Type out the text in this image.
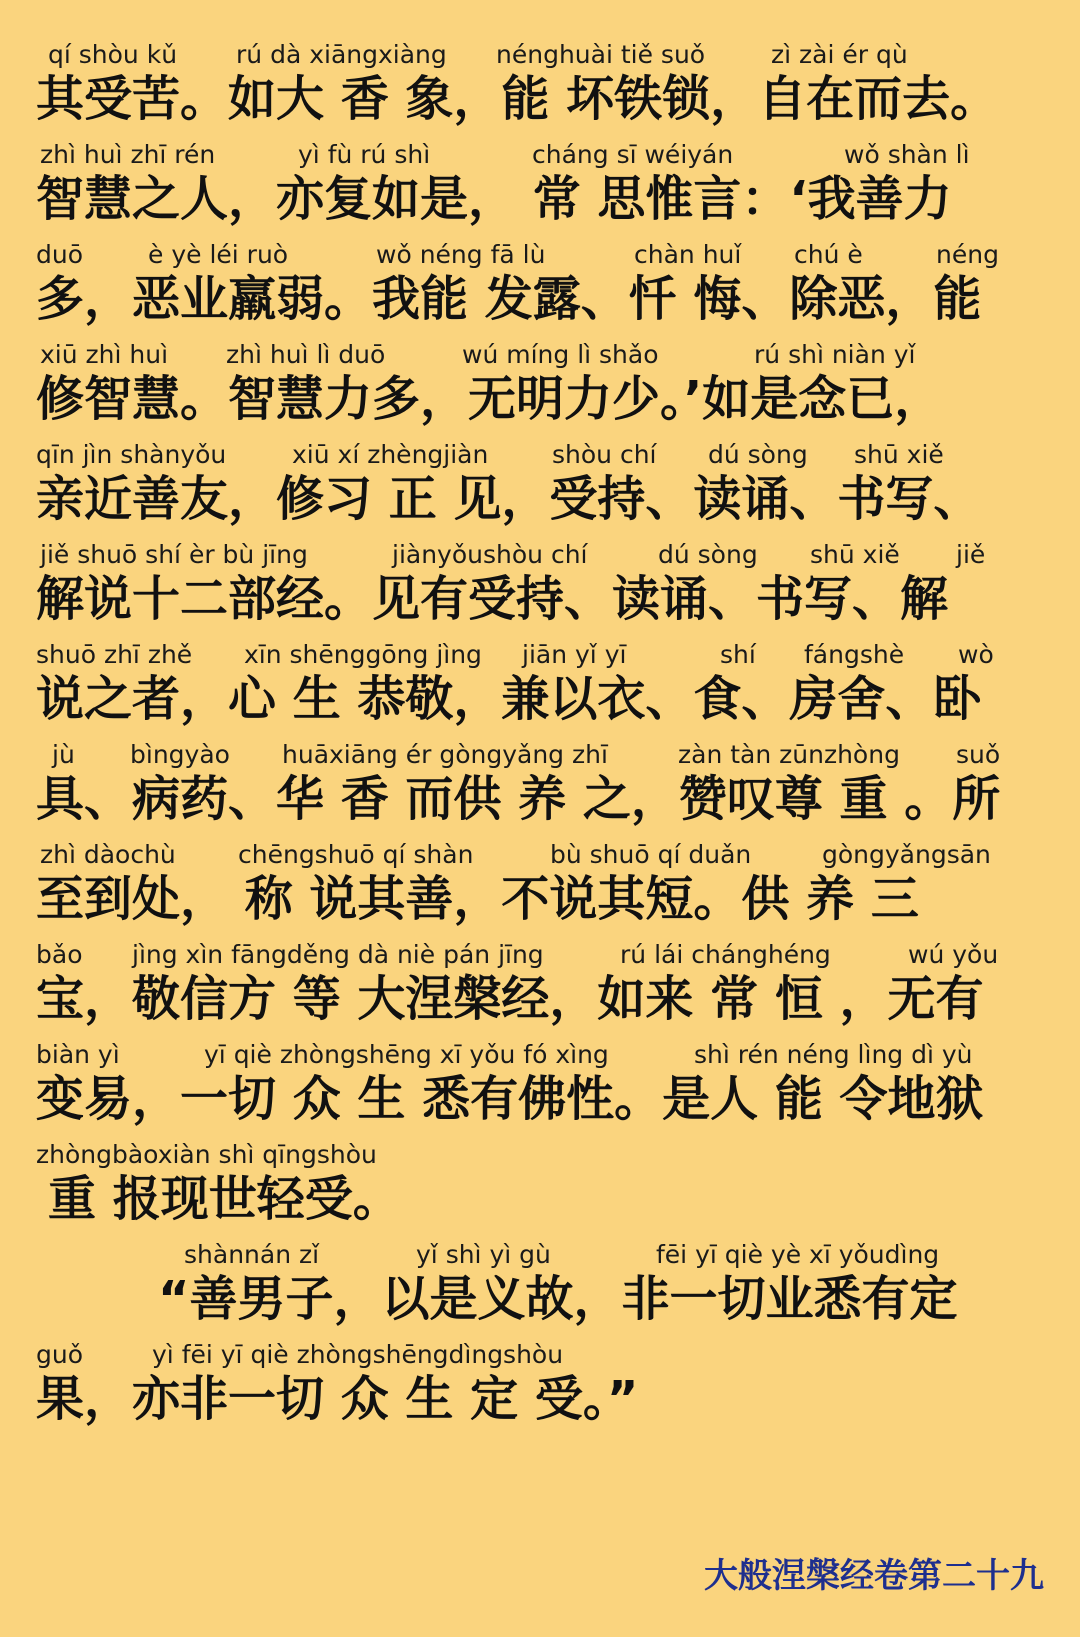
qí shòu kǔ rú dà xiāngxiàng nénghuài tiě suǒ	zì zài ér qù
其受苦。如大 香 象，能 坏铁锁，自在而去。
zhì huì zhī rén	yì fù rú shì	cháng sī wéiyán	wǒ shàn lì
智慧之人，亦复如是， 常 思惟言：‘我善力
duō	è yè léi ruò	wǒ néng fā lù	chàn huǐ chú è	néng
多，恶业羸弱。我能 发露、忏 悔、除恶，能
xiū zhì huì zhì huì lì duō	wú míng lì shǎo	rú shì niàn yǐ
修智慧。智慧力多，无明力少。’如是念已，
qīn jìn shànyǒu	xiū xí zhèngjiàn	shòu chí dú sòng shū xiě
亲近善友，修习 正 见，受持、读诵、书写、
jiě shuō shí èr bù jīng	jiànyǒushòu chí	dú sòng shū xiě jiě
解说十二部经。见有受持、读诵、书写、解
shuō zhī zhě xīn shēnggōng jìng jiān yǐ yī	shí fángshè wò
说之者，心 生 恭敬，兼以衣、食、房舍、卧
jù bìngyào huāxiāng ér gòngyǎng zhī	zàn tàn zūnzhòng suǒ
具、病药、华 香 而供 养 之，赞叹尊 重 。所
zhì dàochù chēngshuō qí shàn	bù shuō qí duǎn	gòngyǎngsān
至到处， 称 说其善，不说其短。供 养 三
bǎo jìng xìn fāngděng dà niè pán jīng	rú lái chánghéng	wú yǒu
宝，敬信方 等 大涅槃经，如来 常 恒 ，无有
biàn yì	yī qiè zhòngshēng xī yǒu fó xìng	shì rén néng lìng dì yù
变易，一切 众 生 悉有佛性。是人 能 令地狱
zhòngbàoxiàn shì qīngshòu
重 报现世轻受。
shànnán zǐ	yǐ shì yì gù	fēi yī qiè yè xī yǒudìng
“善男子，以是义故，非一切业悉有定
guǒ	yì fēi yī qiè zhòngshēngdìngshòu
果，亦非一切 众 生 定 受。”
大般涅槃经卷第二十九
